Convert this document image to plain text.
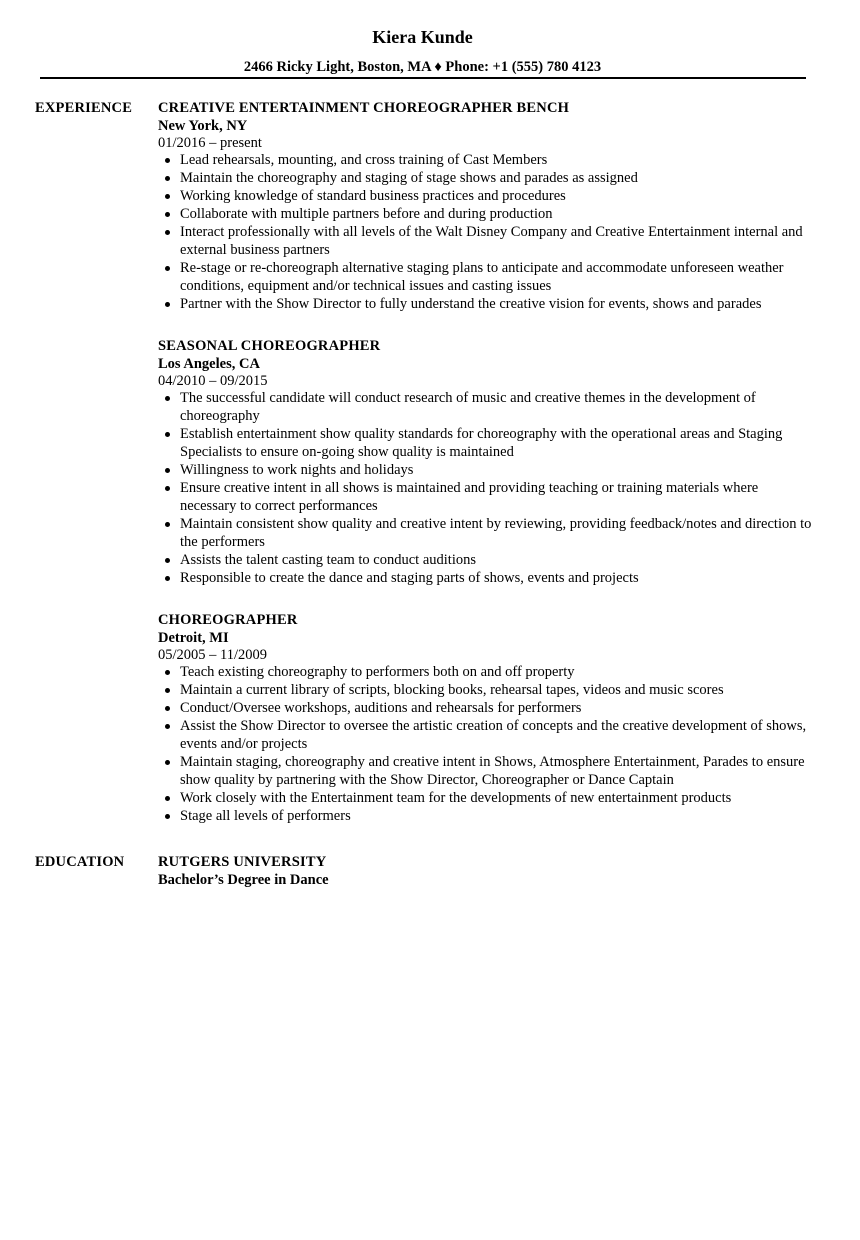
Kiera Kunde
2466 Ricky Light, Boston, MA ♦ Phone: +1 (555) 780 4123
EXPERIENCE CREATIVE ENTERTAINMENT CHOREOGRAPHER BENCH
New York, NY
01/2016 – present
Lead rehearsals, mounting, and cross training of Cast Members
Maintain the choreography and staging of stage shows and parades as assigned
Working knowledge of standard business practices and procedures
Collaborate with multiple partners before and during production
Interact professionally with all levels of the Walt Disney Company and Creative Entertainment internal and external business partners
Re-stage or re-choreograph alternative staging plans to anticipate and accommodate unforeseen weather conditions, equipment and/or technical issues and casting issues
Partner with the Show Director to fully understand the creative vision for events, shows and parades
SEASONAL CHOREOGRAPHER
Los Angeles, CA
04/2010 – 09/2015
The successful candidate will conduct research of music and creative themes in the development of choreography
Establish entertainment show quality standards for choreography with the operational areas and Staging Specialists to ensure on-going show quality is maintained
Willingness to work nights and holidays
Ensure creative intent in all shows is maintained and providing teaching or training materials where necessary to correct performances
Maintain consistent show quality and creative intent by reviewing, providing feedback/notes and direction to the performers
Assists the talent casting team to conduct auditions
Responsible to create the dance and staging parts of shows, events and projects
CHOREOGRAPHER
Detroit, MI
05/2005 – 11/2009
Teach existing choreography to performers both on and off property
Maintain a current library of scripts, blocking books, rehearsal tapes, videos and music scores
Conduct/Oversee workshops, auditions and rehearsals for performers
Assist the Show Director to oversee the artistic creation of concepts and the creative development of shows, events and/or projects
Maintain staging, choreography and creative intent in Shows, Atmosphere Entertainment, Parades to ensure show quality by partnering with the Show Director, Choreographer or Dance Captain
Work closely with the Entertainment team for the developments of new entertainment products
Stage all levels of performers
EDUCATION RUTGERS UNIVERSITY
Bachelor’s Degree in Dance
